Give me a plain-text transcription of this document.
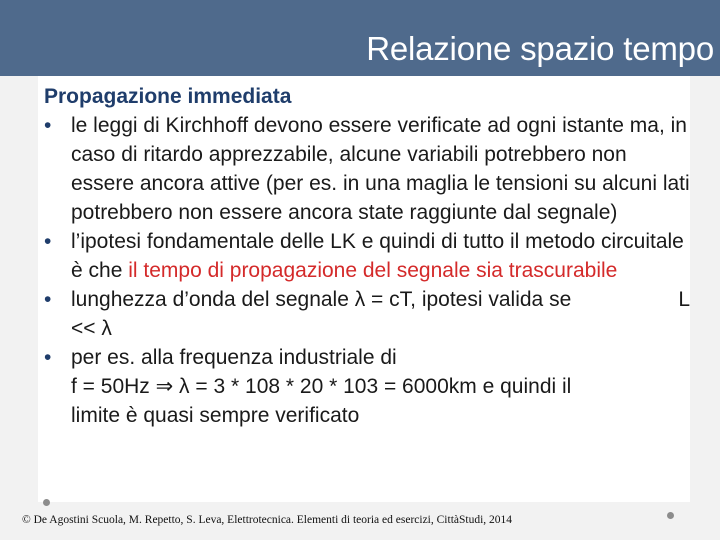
Relazione spazio tempo
Propagazione immediata
• le leggi di Kirchhoff devono essere verificate ad ogni istante ma, in caso di ritardo apprezzabile, alcune variabili potrebbero non essere ancora attive (per es. in una maglia le tensioni su alcuni lati potrebbero non essere ancora state raggiunte dal segnale)
• l’ipotesi fondamentale delle LK e quindi di tutto il metodo circuitale è che il tempo di propagazione del segnale sia trascurabile
• lunghezza d’onda del segnale λ = cT, ipotesi valida se	L
<< λ
• per es. alla frequenza industriale di
f = 50Hz ⇒ λ = 3 * 108 * 20 * 103 = 6000km e quindi il
limite è quasi sempre verificato
© De Agostini Scuola, M. Repetto, S. Leva, Elettrotecnica. Elementi di teoria ed esercizi, CittàStudi, 2014
